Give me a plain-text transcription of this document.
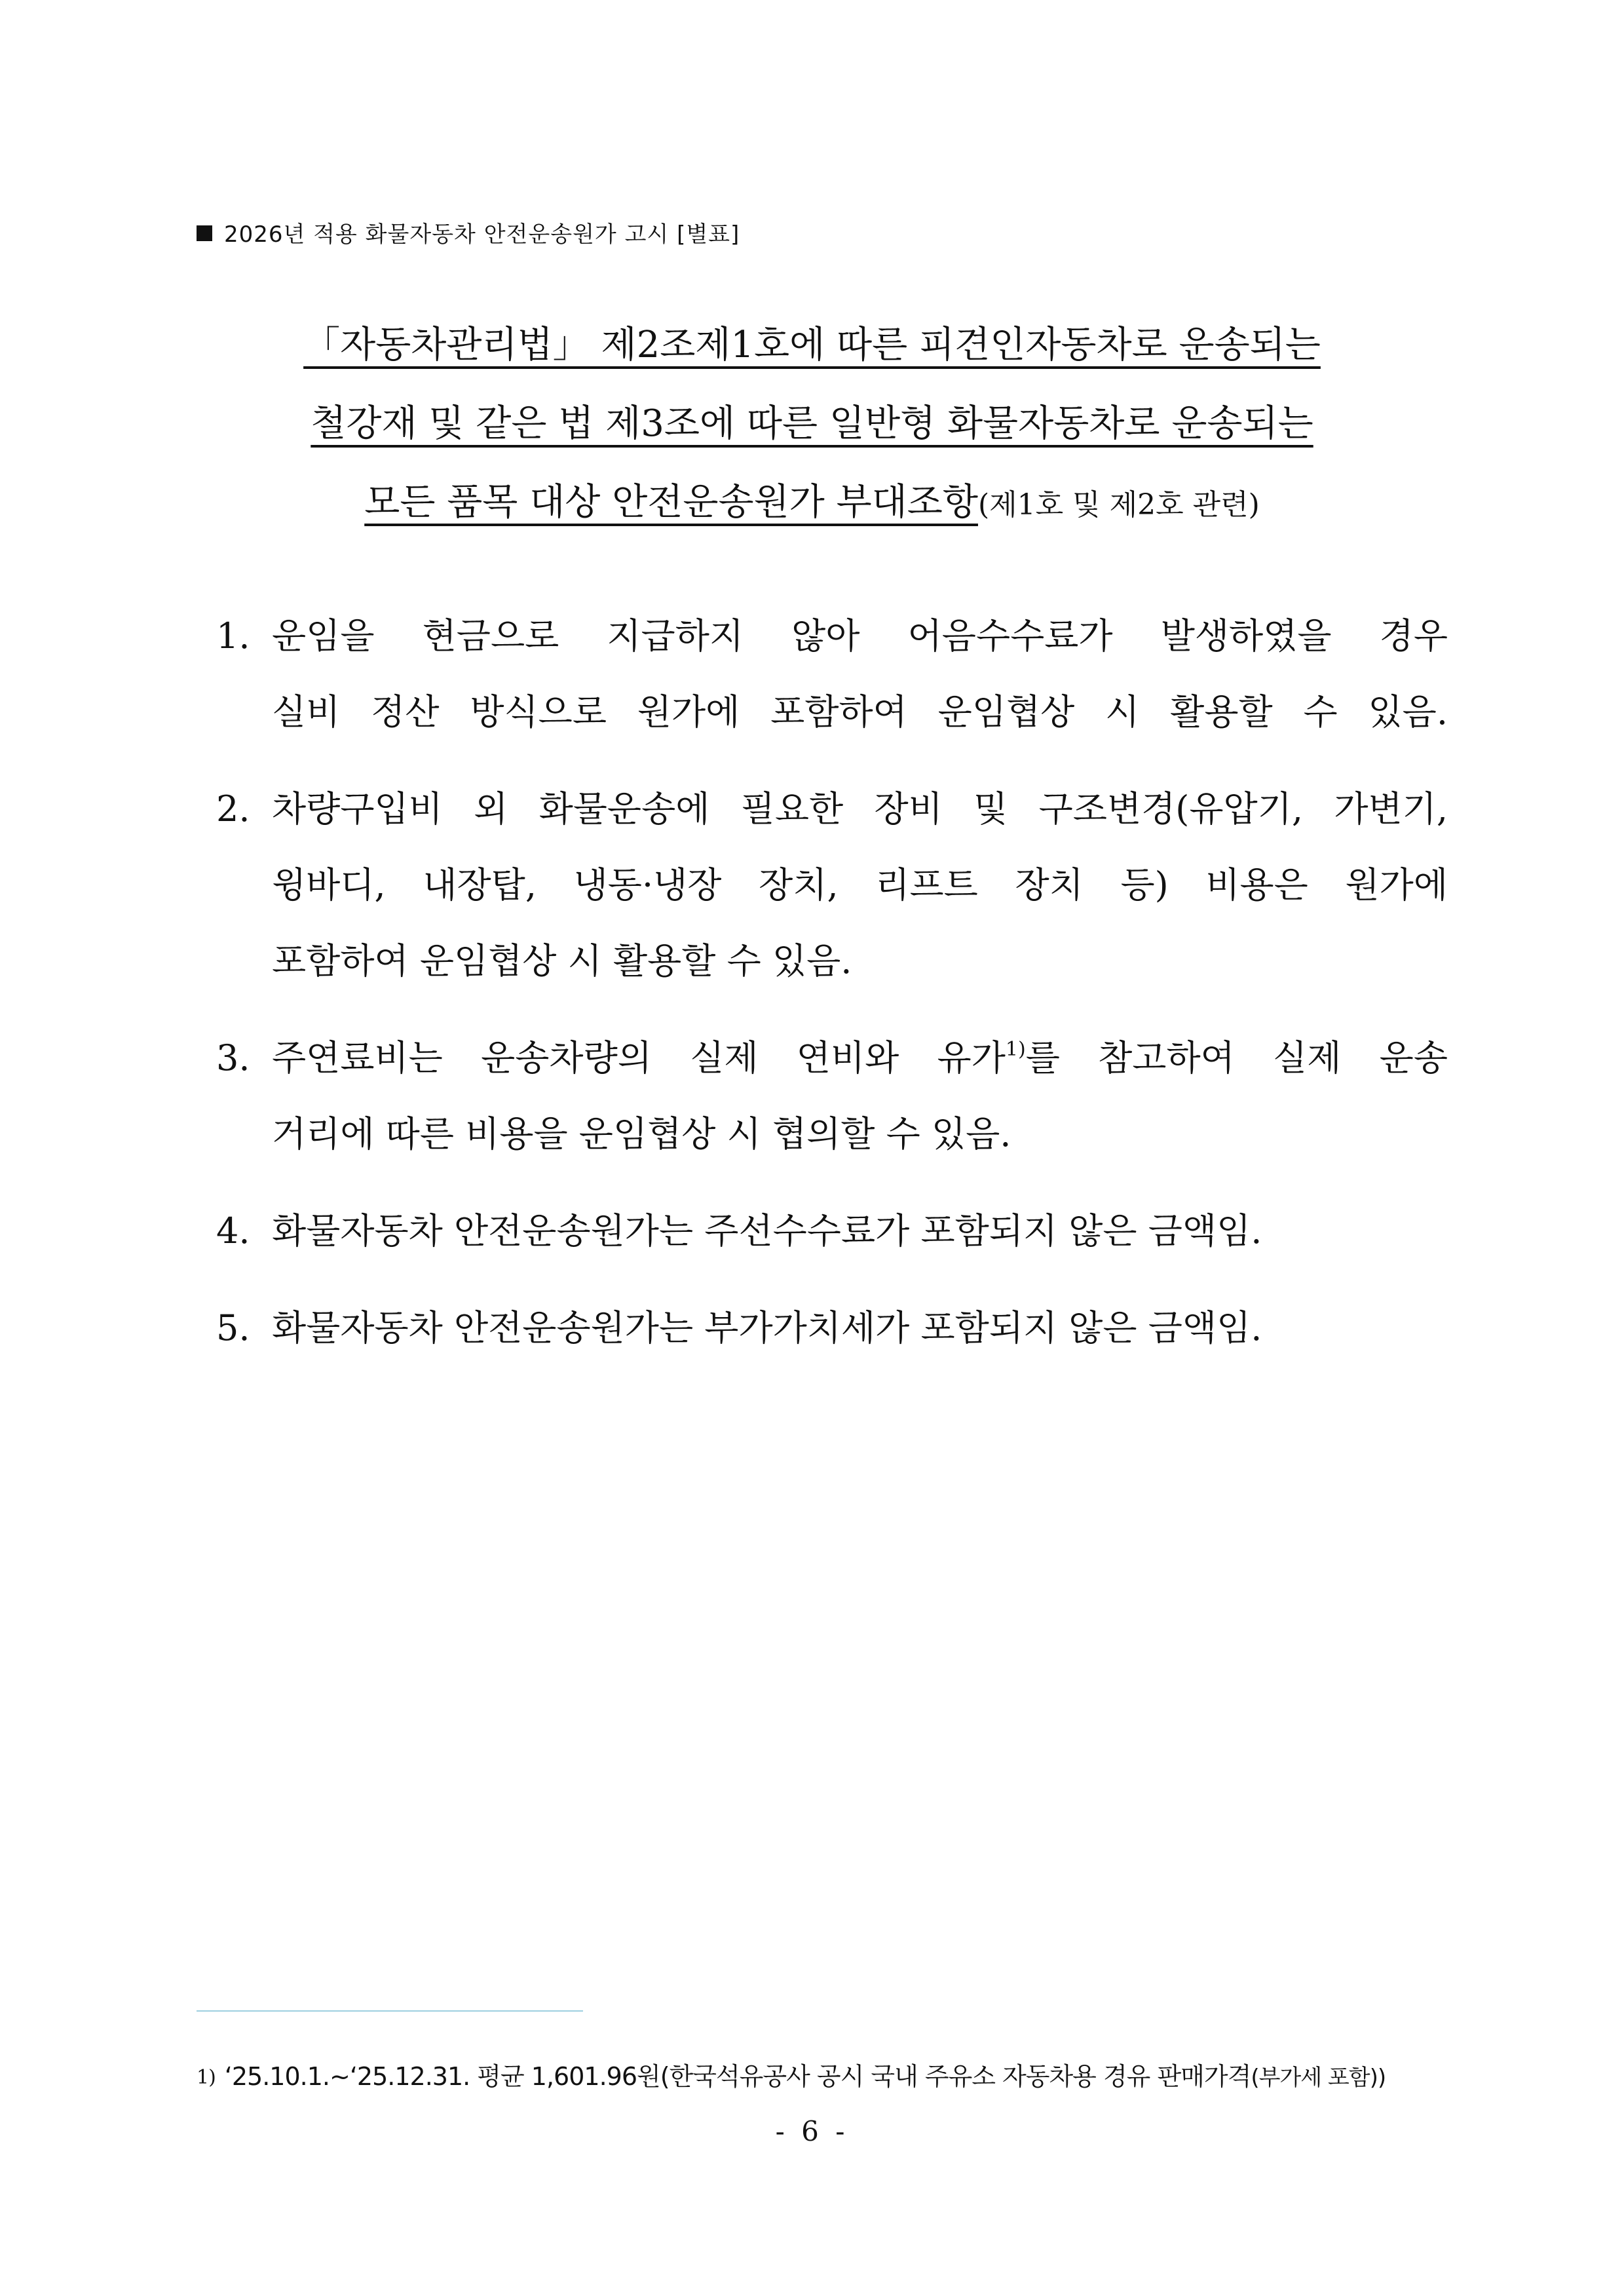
2026년 적용 화물자동차 안전운송원가 고시 [별표]
「자동차관리법」 제2조제1호에 따른 피견인자동차로 운송되는
철강재 및 같은 법 제3조에 따른 일반형 화물자동차로 운송되는
모든 품목 대상 안전운송원가 부대조항(제1호 및 제2호 관련)
1. 운임을 현금으로 지급하지 않아 어음수수료가 발생하였을 경우
실비 정산 방식으로 원가에 포함하여 운임협상 시 활용할 수 있음.
2. 차량구입비 외 화물운송에 필요한 장비 및 구조변경(유압기, 가변기,
윙바디, 내장탑, 냉동·냉장 장치, 리프트 장치 등) 비용은 원가에
포함하여 운임협상 시 활용할 수 있음.
3. 주연료비는 운송차량의 실제 연비와 유가$^{1)}$를 참고하여 실제 운송
거리에 따른 비용을 운임협상 시 협의할 수 있음.
4. 화물자동차 안전운송원가는 주선수수료가 포함되지 않은 금액임.
5. 화물자동차 안전운송원가는 부가가치세가 포함되지 않은 금액임.
1) ‘25.10.1.~‘25.12.31. 평균 1,601.96원(한국석유공사 공시 국내 주유소 자동차용 경유 판매가격(부가세 포함))
- 6 -
